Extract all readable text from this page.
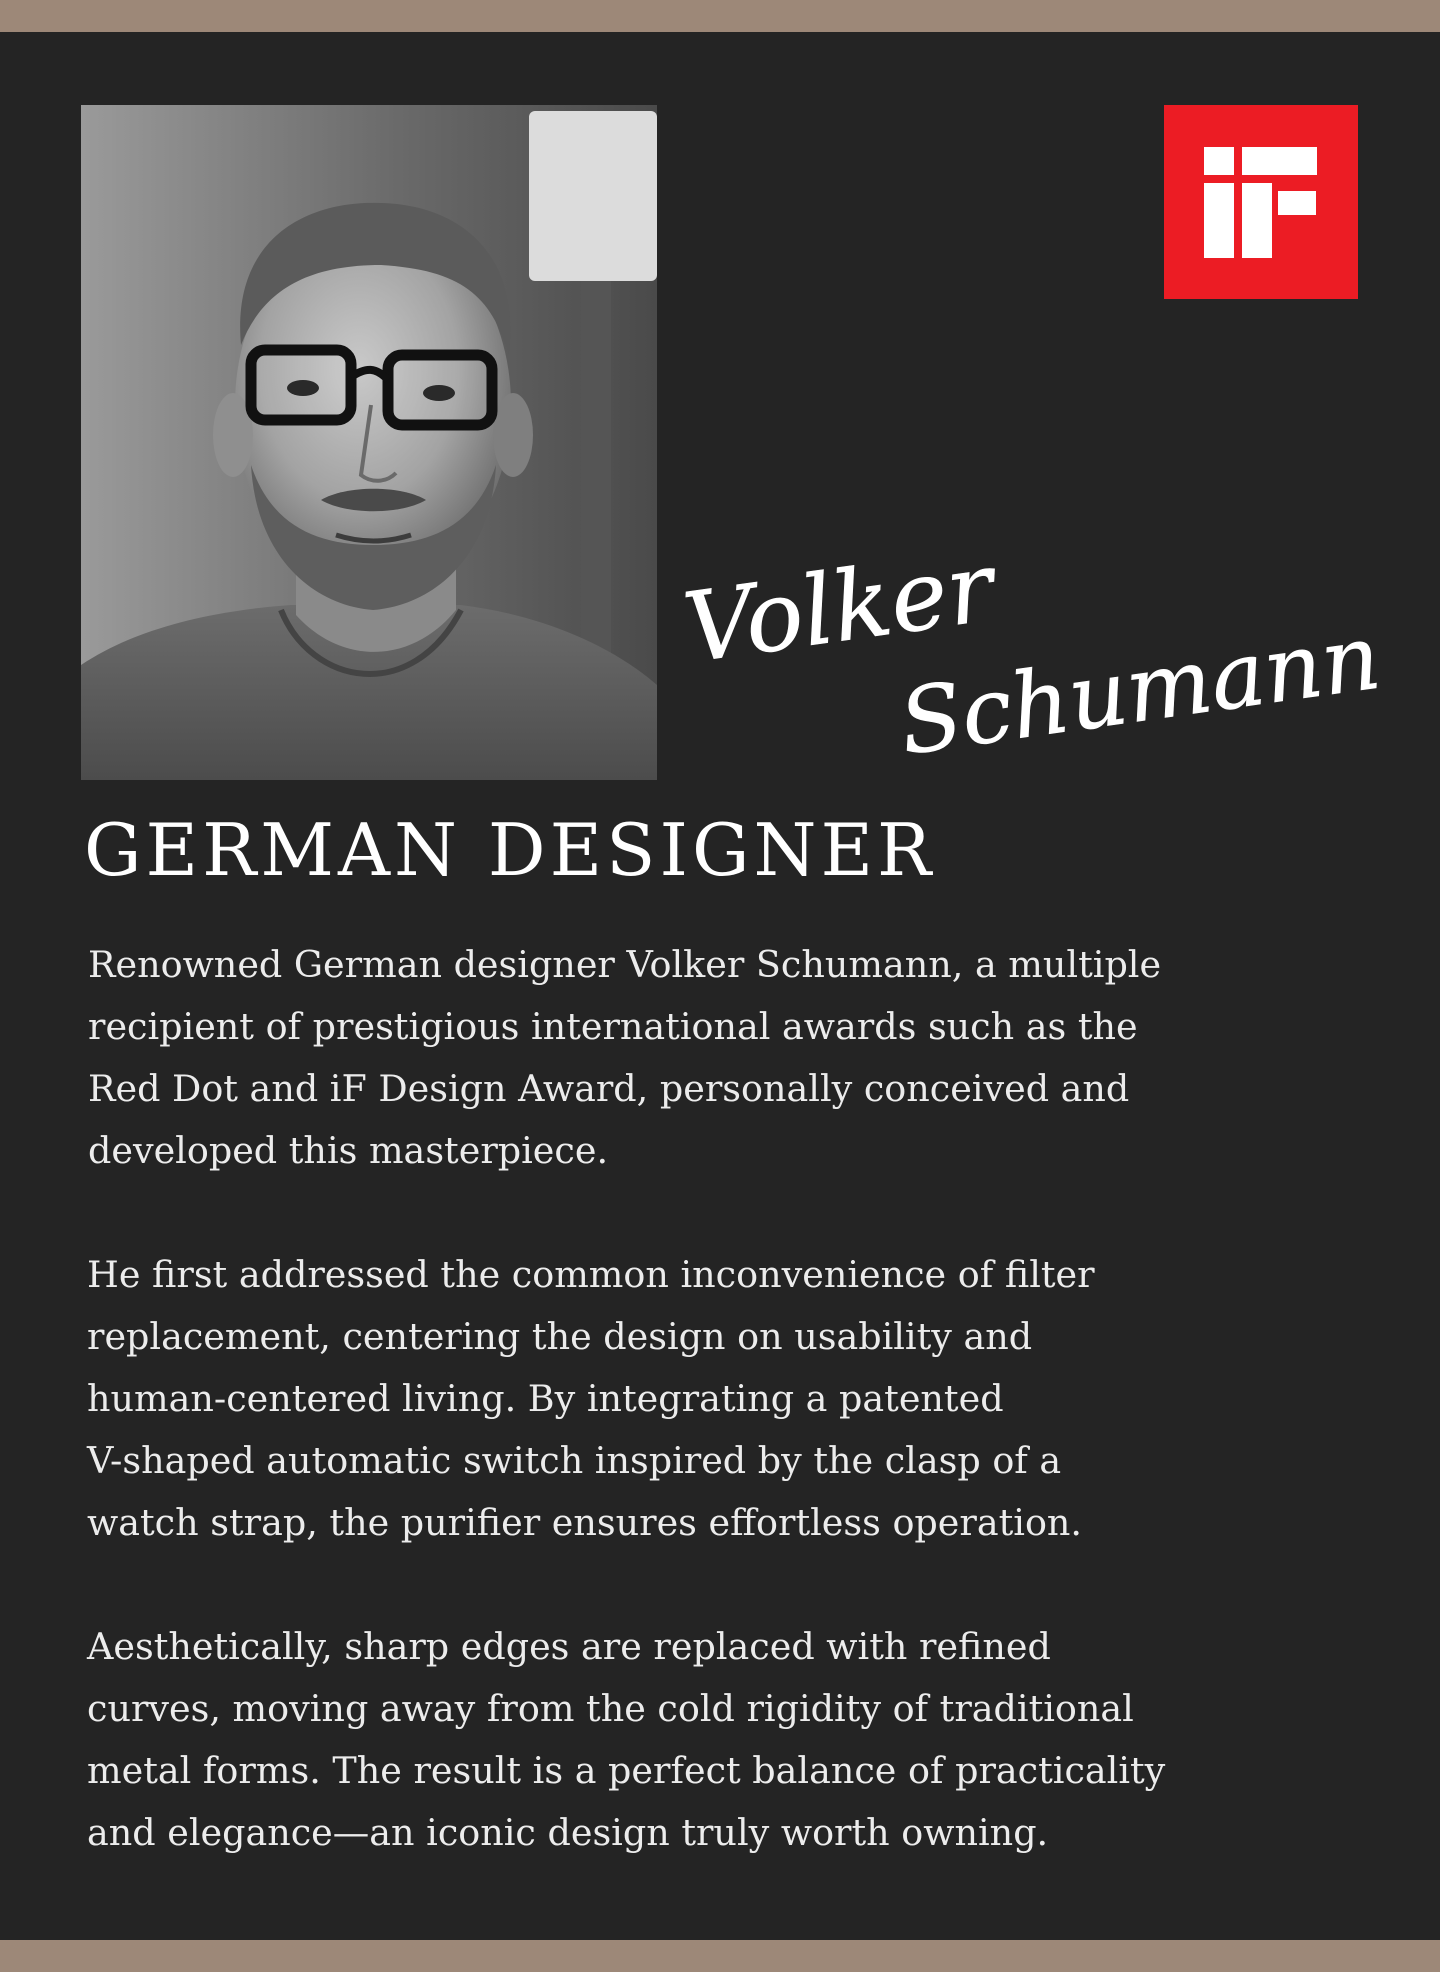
Volker
Schumann
GERMAN DESIGNER

Renowned German designer Volker Schumann, a multiple
recipient of prestigious international awards such as the
Red Dot and iF Design Award, personally conceived and
developed this masterpiece.

He first addressed the common inconvenience of filter
replacement, centering the design on usability and
human-centered living. By integrating a patented
V-shaped automatic switch inspired by the clasp of a
watch strap, the purifier ensures effortless operation.

Aesthetically, sharp edges are replaced with refined
curves, moving away from the cold rigidity of traditional
metal forms. The result is a perfect balance of practicality
and elegance—an iconic design truly worth owning.
